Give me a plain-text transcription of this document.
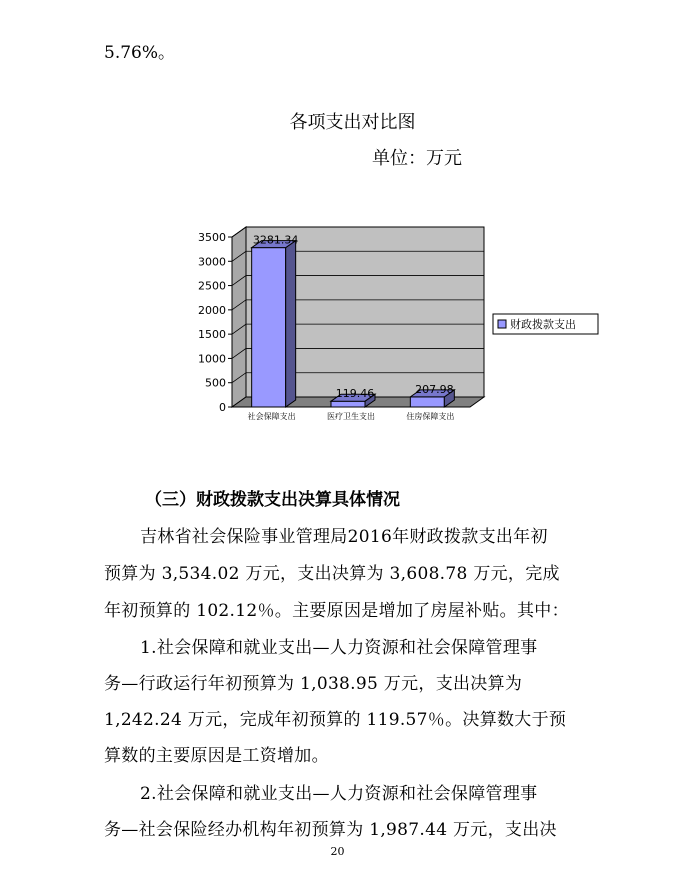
5.76%。
各项支出对比图
单位：万元
0
500
1000
1500
2000
2500
3000
3500 3281.34
119.46	207.98
社会保障支出	医疗卫生支出	住房保障支出
财政拨款支出
（三）财政拨款支出决算具体情况
吉林省社会保险事业管理局2016年财政拨款支出年初
预算为 3,534.02 万元，支出决算为 3,608.78 万元，完成
年初预算的 102.12％。主要原因是增加了房屋补贴。其中：
1.社会保障和就业支出—人力资源和社会保障管理事
务—行政运行年初预算为 1,038.95 万元，支出决算为
1,242.24 万元，完成年初预算的 119.57％。决算数大于预
算数的主要原因是工资增加。
2.社会保障和就业支出—人力资源和社会保障管理事
务—社会保险经办机构年初预算为 1,987.44 万元，支出决
20
